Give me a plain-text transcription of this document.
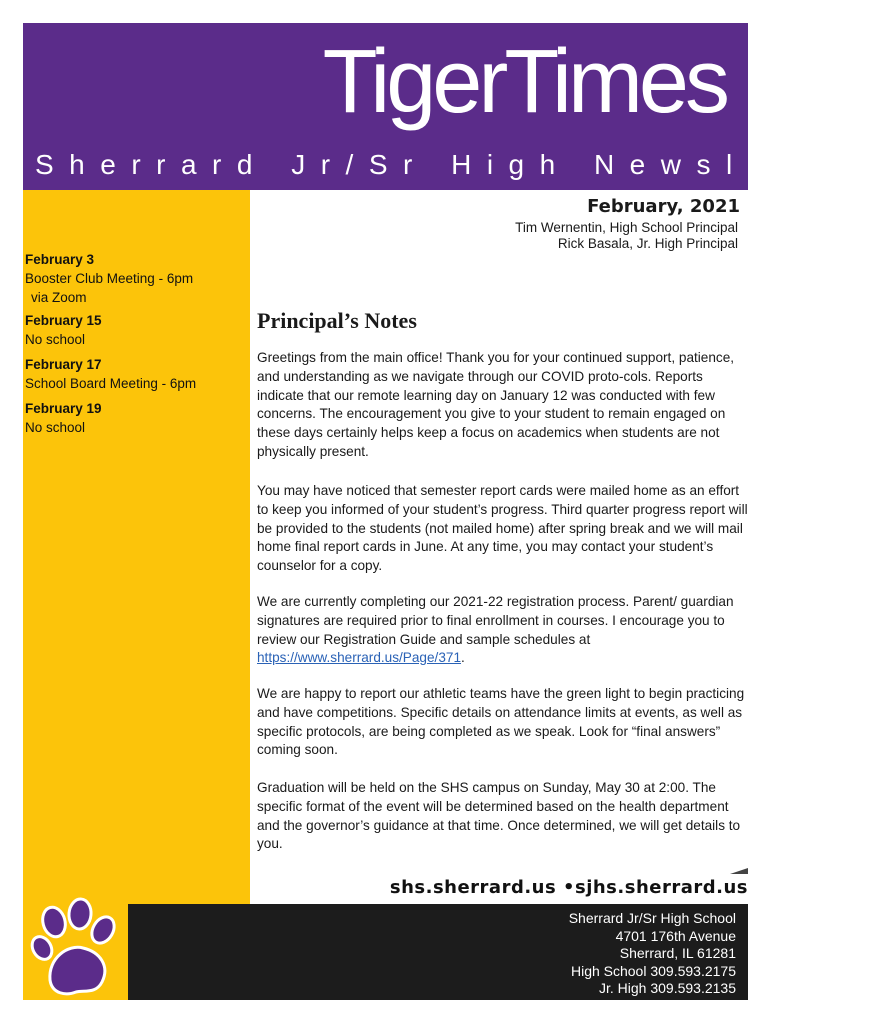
TigerTimes
Sherrard Jr/Sr High Newsletter
February 3
Booster Club Meeting - 6pm
via Zoom
February 15
No school
February 17
School Board Meeting - 6pm
February 19
No school
February, 2021
Tim Wernentin, High School Principal
Rick Basala, Jr. High Principal
Principal’s Notes

Greetings from the main office! Thank you for your continued support, patience, and understanding as we navigate through our COVID proto-cols. Reports indicate that our remote learning day on January 12 was conducted with few concerns. The encouragement you give to your student to remain engaged on these days certainly helps keep a focus on academics when students are not physically present.

You may have noticed that semester report cards were mailed home as an effort to keep you informed of your student’s progress. Third quarter progress report will be provided to the students (not mailed home) after spring break and we will mail home final report cards in June. At any time, you may contact your student’s counselor for a copy.

We are currently completing our 2021-22 registration process. Parent/ guardian signatures are required prior to final enrollment in courses. I encourage you to review our Registration Guide and sample schedules at https://www.sherrard.us/Page/371.

We are happy to report our athletic teams have the green light to begin practicing and have competitions. Specific details on attendance limits at events, as well as specific protocols, are being completed as we speak. Look for “final answers” coming soon.

Graduation will be held on the SHS campus on Sunday, May 30 at 2:00. The specific format of the event will be determined based on the health department and the governor’s guidance at that time. Once determined, we will get details to you.

shs.sherrard.us •sjhs.sherrard.us
Sherrard Jr/Sr High School
4701 176th Avenue
Sherrard, IL 61281
High School 309.593.2175
Jr. High 309.593.2135
